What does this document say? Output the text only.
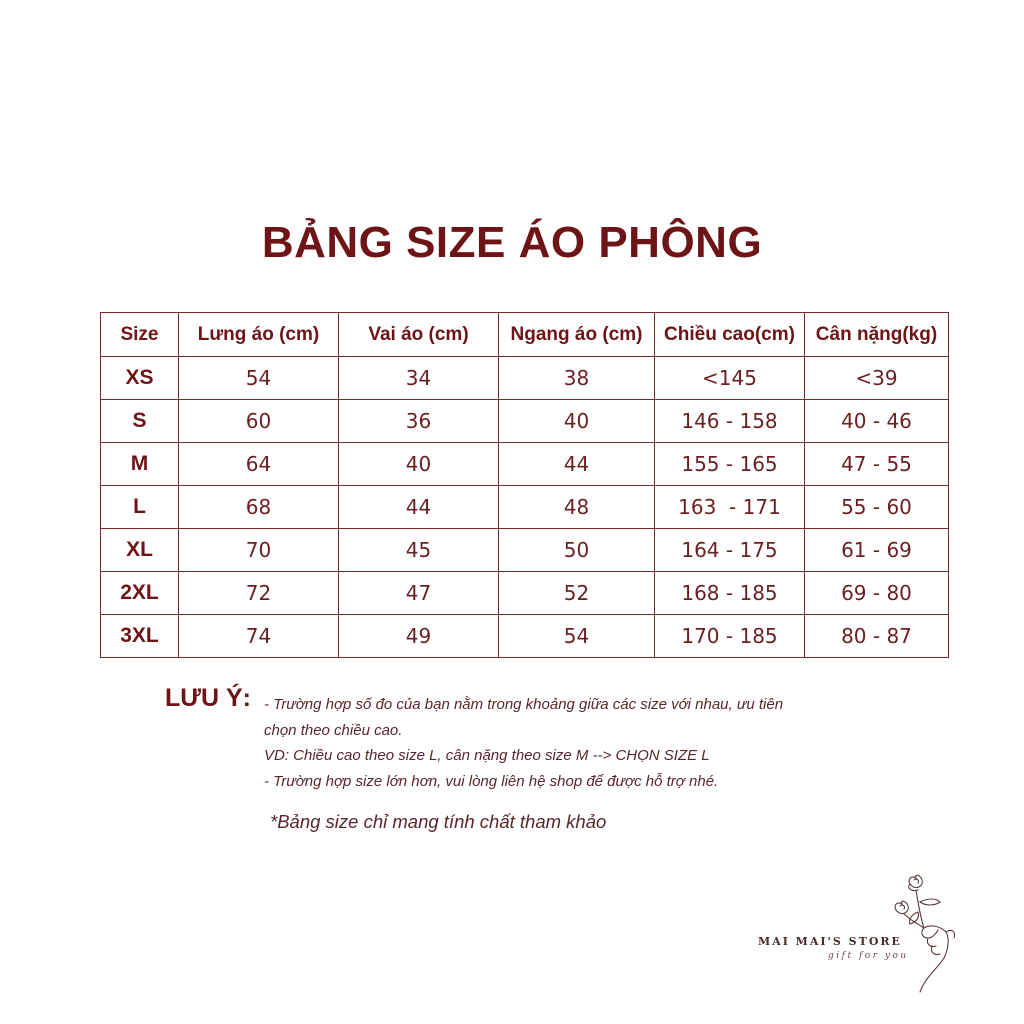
BẢNG SIZE ÁO PHÔNG
Size	Lưng áo (cm)	Vai áo (cm)	Ngang áo (cm)	Chiều cao(cm)	Cân nặng(kg)
XS	54	34	38	<145	<39
S	60	36	40	146 - 158	40 - 46
M	64	40	44	155 - 165	47 - 55
L	68	44	48	163  - 171	55 - 60
XL	70	45	50	164 - 175	61 - 69
2XL	72	47	52	168 - 185	69 - 80
3XL	74	49	54	170 - 185	80 - 87
LƯU Ý: - Trường hợp số đo của bạn nằm trong khoảng giữa các size với nhau, ưu tiên
chọn theo chiều cao.
VD: Chiều cao theo size L, cân nặng theo size M --> CHỌN SIZE L
- Trường hợp size lớn hơn, vui lòng liên hệ shop để được hỗ trợ nhé.
*Bảng size chỉ mang tính chất tham khảo
MAI MAI'S STORE
gift for you
